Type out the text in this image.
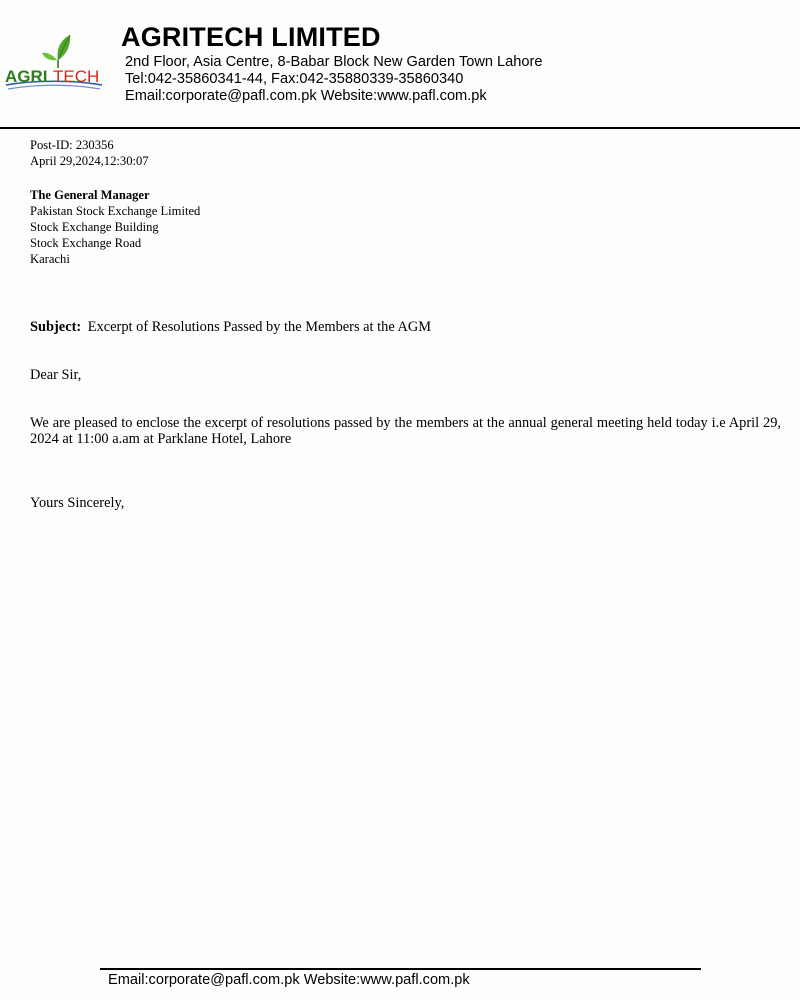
AGRI TECH
AGRITECH LIMITED
2nd Floor, Asia Centre, 8-Babar Block New Garden Town Lahore
Tel:042-35860341-44, Fax:042-35880339-35860340
Email:corporate@pafl.com.pk Website:www.pafl.com.pk
Post-ID: 230356
April 29,2024,12:30:07
The General Manager
Pakistan Stock Exchange Limited
Stock Exchange Building
Stock Exchange Road
Karachi
Subject: Excerpt of Resolutions Passed by the Members at the AGM
Dear Sir,
We are pleased to enclose the excerpt of resolutions passed by the members at the annual general meeting held today i.e April 29, 2024 at 11:00 a.am at Parklane Hotel, Lahore
Yours Sincerely,
Email:corporate@pafl.com.pk Website:www.pafl.com.pk
